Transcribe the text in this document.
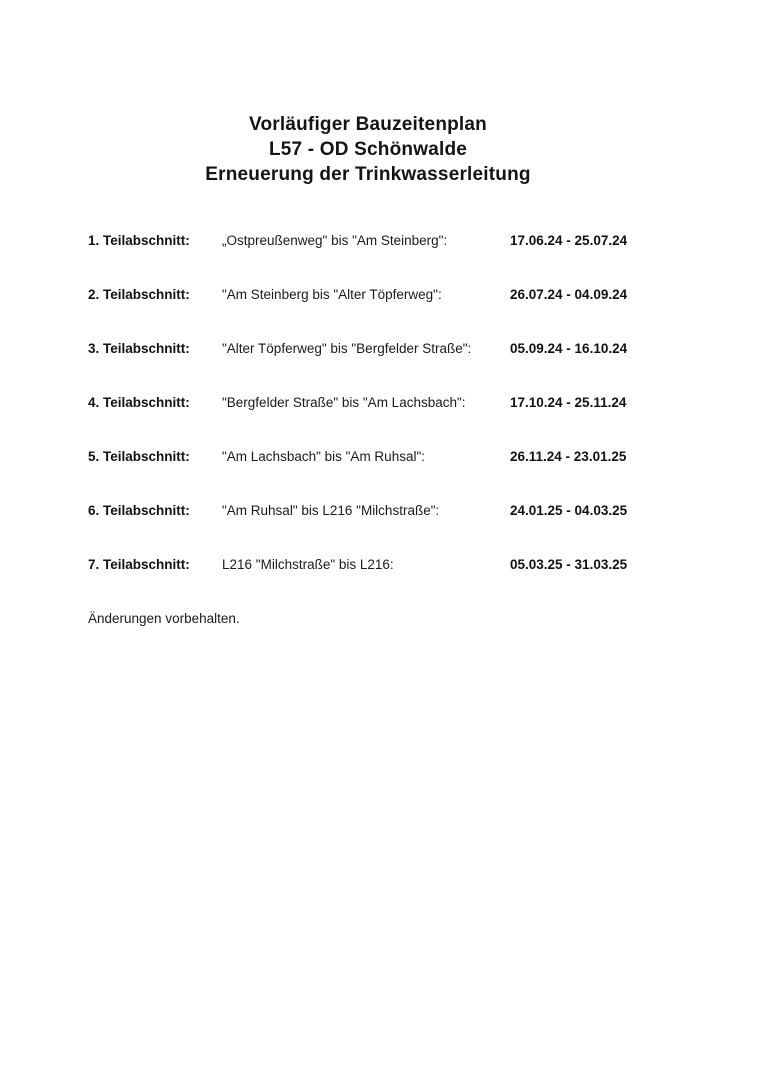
Vorläufiger Bauzeitenplan
L57 - OD Schönwalde
Erneuerung der Trinkwasserleitung
1. Teilabschnitt:	„Ostpreußenweg" bis "Am Steinberg":	17.06.24 - 25.07.24
2. Teilabschnitt:	"Am Steinberg bis "Alter Töpferweg":	26.07.24 - 04.09.24
3. Teilabschnitt:	"Alter Töpferweg" bis "Bergfelder Straße":	05.09.24 - 16.10.24
4. Teilabschnitt:	"Bergfelder Straße" bis "Am Lachsbach":	17.10.24 - 25.11.24
5. Teilabschnitt:	"Am Lachsbach" bis "Am Ruhsal":	26.11.24 - 23.01.25
6. Teilabschnitt:	"Am Ruhsal" bis L216 "Milchstraße":	24.01.25 - 04.03.25
7. Teilabschnitt:	L216 "Milchstraße" bis L216:	05.03.25 - 31.03.25
Änderungen vorbehalten.
